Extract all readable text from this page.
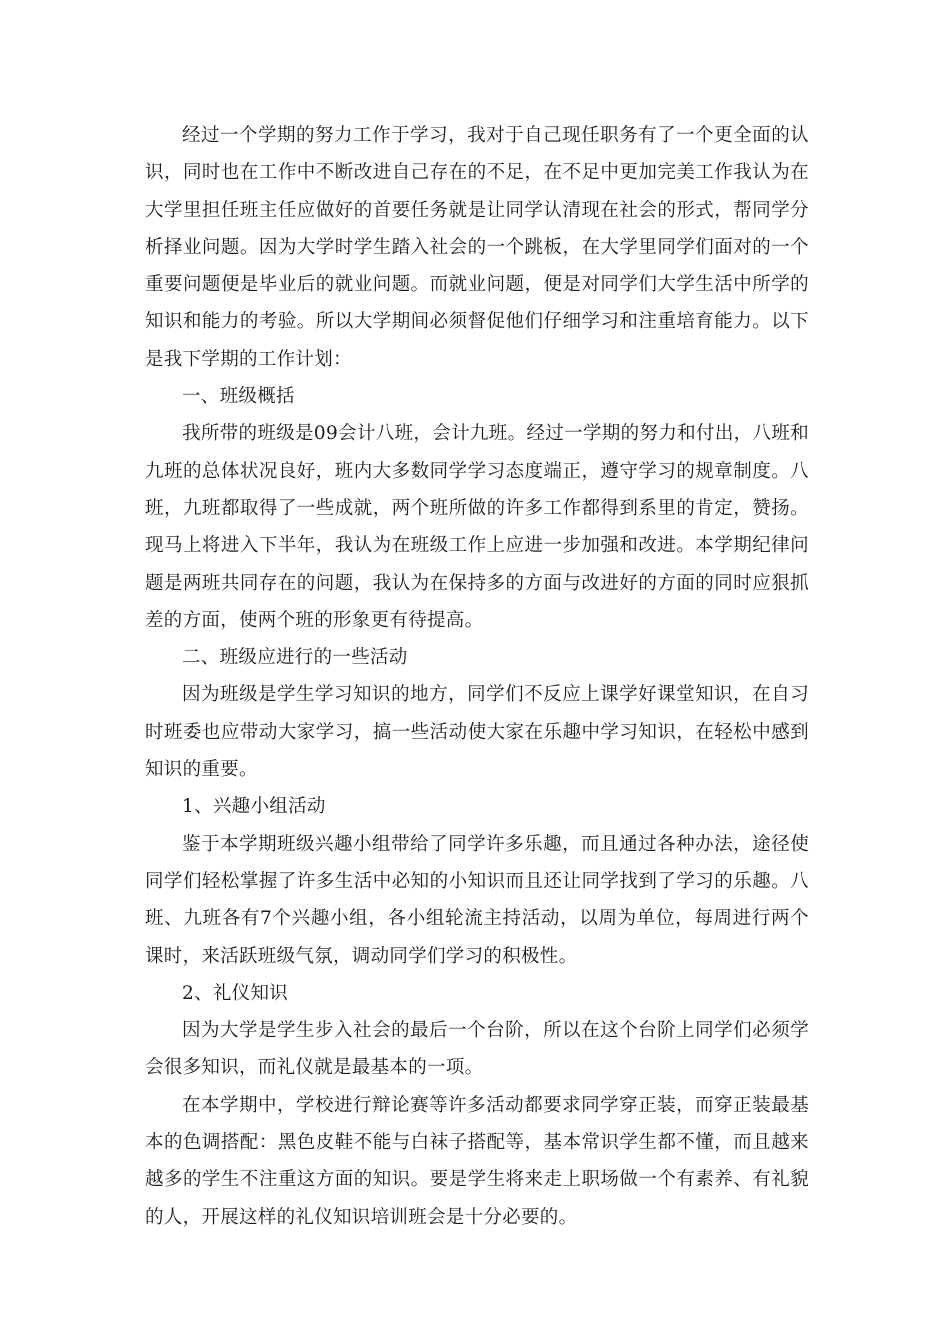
经过一个学期的努力工作于学习，我对于自己现任职务有了一个更全面的认识，同时也在工作中不断改进自己存在的不足，在不足中更加完美工作我认为在大学里担任班主任应做好的首要任务就是让同学认清现在社会的形式，帮同学分析择业问题。因为大学时学生踏入社会的一个跳板，在大学里同学们面对的一个重要问题便是毕业后的就业问题。而就业问题，便是对同学们大学生活中所学的知识和能力的考验。所以大学期间必须督促他们仔细学习和注重培育能力。以下是我下学期的工作计划：

一、班级概括

我所带的班级是09会计八班，会计九班。经过一学期的努力和付出，八班和九班的总体状况良好，班内大多数同学学习态度端正，遵守学习的规章制度。八班，九班都取得了一些成就，两个班所做的许多工作都得到系里的肯定，赞扬。现马上将进入下半年，我认为在班级工作上应进一步加强和改进。本学期纪律问题是两班共同存在的问题，我认为在保持多的方面与改进好的方面的同时应狠抓差的方面，使两个班的形象更有待提高。

二、班级应进行的一些活动

因为班级是学生学习知识的地方，同学们不反应上课学好课堂知识，在自习时班委也应带动大家学习，搞一些活动使大家在乐趣中学习知识，在轻松中感到知识的重要。

1、兴趣小组活动

鉴于本学期班级兴趣小组带给了同学许多乐趣，而且通过各种办法，途径使同学们轻松掌握了许多生活中必知的小知识而且还让同学找到了学习的乐趣。八班、九班各有7个兴趣小组，各小组轮流主持活动，以周为单位，每周进行两个课时，来活跃班级气氛，调动同学们学习的积极性。

2、礼仪知识

因为大学是学生步入社会的最后一个台阶，所以在这个台阶上同学们必须学会很多知识，而礼仪就是最基本的一项。

在本学期中，学校进行辩论赛等许多活动都要求同学穿正装，而穿正装最基本的色调搭配：黑色皮鞋不能与白袜子搭配等，基本常识学生都不懂，而且越来越多的学生不注重这方面的知识。要是学生将来走上职场做一个有素养、有礼貌的人，开展这样的礼仪知识培训班会是十分必要的。
